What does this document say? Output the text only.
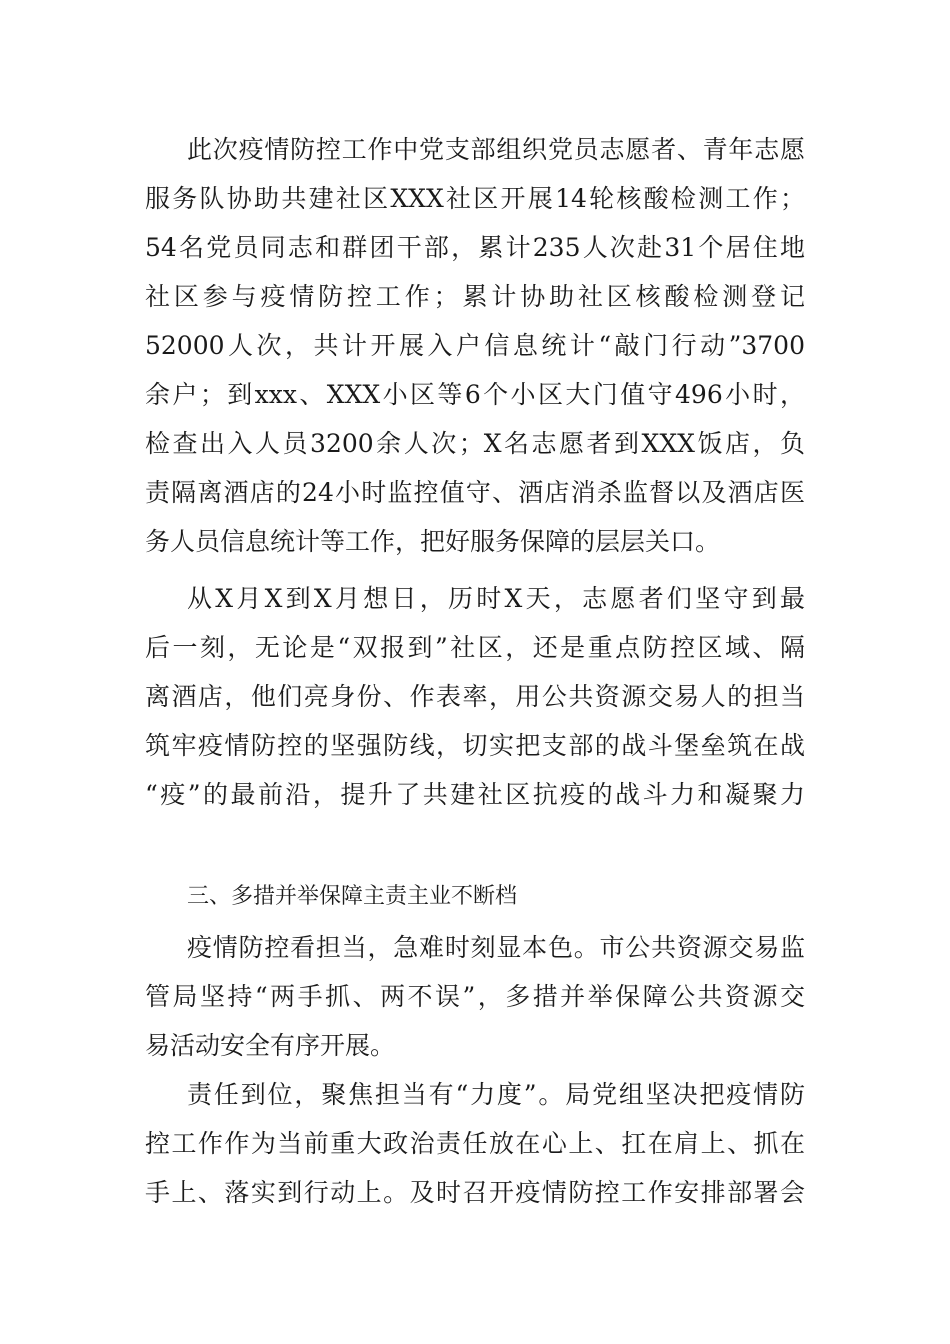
此次疫情防控工作中党支部组织党员志愿者、青年志愿
服务队协助共建社区XXX社区开展14轮核酸检测工作；
54名党员同志和群团干部，累计235人次赴31个居住地
社区参与疫情防控工作；累计协助社区核酸检测登记
52000人次，共计开展入户信息统计“敲门行动”3700
余户；到xxx、XXX小区等6个小区大门值守496小时，
检查出入人员3200余人次；X名志愿者到XXX饭店，负
责隔离酒店的24小时监控值守、酒店消杀监督以及酒店医
务人员信息统计等工作，把好服务保障的层层关口。
从X月X到X月想日，历时X天，志愿者们坚守到最
后一刻，无论是“双报到”社区，还是重点防控区域、隔
离酒店，他们亮身份、作表率，用公共资源交易人的担当
筑牢疫情防控的坚强防线，切实把支部的战斗堡垒筑在战
“疫”的最前沿，提升了共建社区抗疫的战斗力和凝聚力
三、多措并举保障主责主业不断档
疫情防控看担当，急难时刻显本色。市公共资源交易监
管局坚持“两手抓、两不误”，多措并举保障公共资源交
易活动安全有序开展。
责任到位，聚焦担当有“力度”。局党组坚决把疫情防
控工作作为当前重大政治责任放在心上、扛在肩上、抓在
手上、落实到行动上。及时召开疫情防控工作安排部署会
